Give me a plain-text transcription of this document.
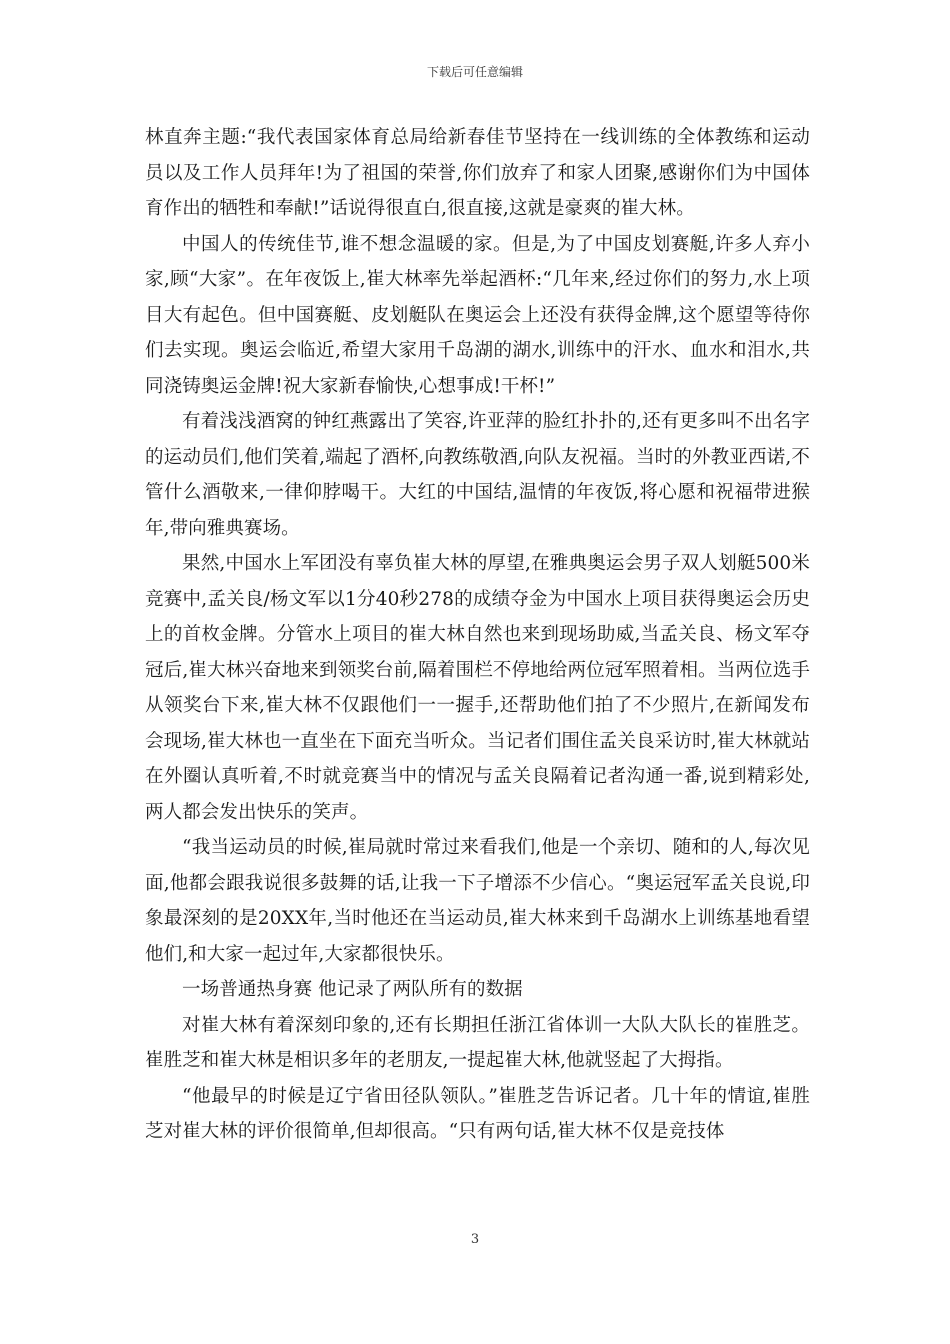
下载后可任意编辑

林直奔主题:“我代表国家体育总局给新春佳节坚持在一线训练的全体教练和运动员以及工作人员拜年!为了祖国的荣誉,你们放弃了和家人团聚,感谢你们为中国体育作出的牺牲和奉献!”话说得很直白,很直接,这就是豪爽的崔大林。

中国人的传统佳节,谁不想念温暖的家。但是,为了中国皮划赛艇,许多人弃小家,顾“大家”。在年夜饭上,崔大林率先举起酒杯:“几年来,经过你们的努力,水上项目大有起色。但中国赛艇、皮划艇队在奥运会上还没有获得金牌,这个愿望等待你们去实现。奥运会临近,希望大家用千岛湖的湖水,训练中的汗水、血水和泪水,共同浇铸奥运金牌!祝大家新春愉快,心想事成!干杯!”

有着浅浅酒窝的钟红燕露出了笑容,许亚萍的脸红扑扑的,还有更多叫不出名字的运动员们,他们笑着,端起了酒杯,向教练敬酒,向队友祝福。当时的外教亚西诺,不管什么酒敬来,一律仰脖喝干。大红的中国结,温情的年夜饭,将心愿和祝福带进猴年,带向雅典赛场。

果然,中国水上军团没有辜负崔大林的厚望,在雅典奥运会男子双人划艇500米竞赛中,孟关良/杨文军以1分40秒278的成绩夺金为中国水上项目获得奥运会历史上的首枚金牌。分管水上项目的崔大林自然也来到现场助威,当孟关良、杨文军夺冠后,崔大林兴奋地来到领奖台前,隔着围栏不停地给两位冠军照着相。当两位选手从领奖台下来,崔大林不仅跟他们一一握手,还帮助他们拍了不少照片,在新闻发布会现场,崔大林也一直坐在下面充当听众。当记者们围住孟关良采访时,崔大林就站在外圈认真听着,不时就竞赛当中的情况与孟关良隔着记者沟通一番,说到精彩处,两人都会发出快乐的笑声。

“我当运动员的时候,崔局就时常过来看我们,他是一个亲切、随和的人,每次见面,他都会跟我说很多鼓舞的话,让我一下子增添不少信心。“奥运冠军孟关良说,印象最深刻的是20XX年,当时他还在当运动员,崔大林来到千岛湖水上训练基地看望他们,和大家一起过年,大家都很快乐。

一场普通热身赛 他记录了两队所有的数据

对崔大林有着深刻印象的,还有长期担任浙江省体训一大队大队长的崔胜芝。崔胜芝和崔大林是相识多年的老朋友,一提起崔大林,他就竖起了大拇指。

“他最早的时候是辽宁省田径队领队。”崔胜芝告诉记者。几十年的情谊,崔胜芝对崔大林的评价很简单,但却很高。“只有两句话,崔大林不仅是竞技体

3
